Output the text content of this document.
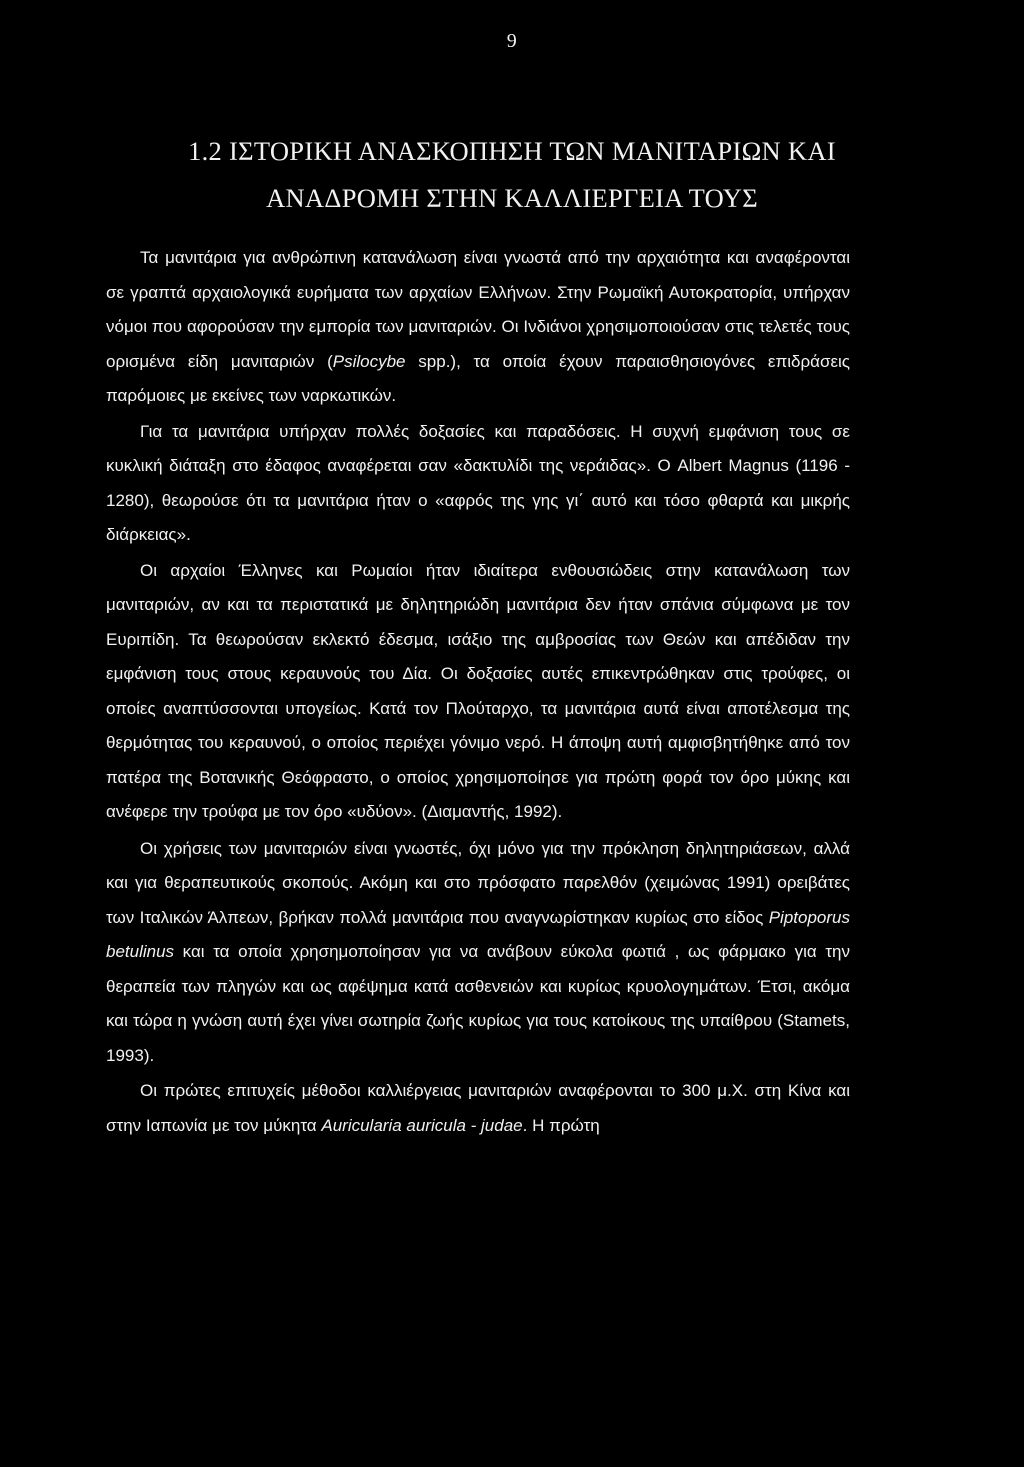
9
1.2 ΙΣΤΟΡΙΚΗ ΑΝΑΣΚΟΠΗΣΗ ΤΩΝ ΜΑΝΙΤΑΡΙΩΝ ΚΑΙ
ΑΝΑΔΡΟΜΗ ΣΤΗΝ ΚΑΛΛΙΕΡΓΕΙΑ ΤΟΥΣ

Τα μανιτάρια για ανθρώπινη κατανάλωση είναι γνωστά από την αρχαιότητα και αναφέρονται σε γραπτά αρχαιολογικά ευρήματα των αρχαίων Ελλήνων. Στην Ρωμαϊκή Αυτοκρατορία, υπήρχαν νόμοι που αφορούσαν την εμπορία των μανιταριών. Οι Ινδιάνοι χρησιμοποιούσαν στις τελετές τους ορισμένα είδη μανιταριών (Psilocybe spp.), τα οποία έχουν παραισθησιογόνες επιδράσεις παρόμοιες με εκείνες των ναρκωτικών.

Για τα μανιτάρια υπήρχαν πολλές δοξασίες και παραδόσεις. Η συχνή εμφάνιση τους σε κυκλική διάταξη στο έδαφος αναφέρεται σαν «δακτυλίδι της νεράιδας». Ο Albert Magnus (1196 - 1280), θεωρούσε ότι τα μανιτάρια ήταν ο «αφρός της γης γι΄ αυτό και τόσο φθαρτά και μικρής διάρκειας».

Οι αρχαίοι Έλληνες και Ρωμαίοι ήταν ιδιαίτερα ενθουσιώδεις στην κατανάλωση των μανιταριών, αν και τα περιστατικά με δηλητηριώδη μανιτάρια δεν ήταν σπάνια σύμφωνα με τον Ευριπίδη. Τα θεωρούσαν εκλεκτό έδεσμα, ισάξιο της αμβροσίας των Θεών και απέδιδαν την εμφάνιση τους στους κεραυνούς του Δία. Οι δοξασίες αυτές επικεντρώθηκαν στις τρούφες, οι οποίες αναπτύσσονται υπογείως. Κατά τον Πλούταρχο, τα μανιτάρια αυτά είναι αποτέλεσμα της θερμότητας του κεραυνού, ο οποίος περιέχει γόνιμο νερό. Η άποψη αυτή αμφισβητήθηκε από τον πατέρα της Βοτανικής Θεόφραστο, ο οποίος χρησιμοποίησε για πρώτη φορά τον όρο μύκης και ανέφερε την τρούφα με τον όρο «υδύον». (Διαμαντής, 1992).

Οι χρήσεις των μανιταριών είναι γνωστές, όχι μόνο για την πρόκληση δηλητηριάσεων, αλλά και για θεραπευτικούς σκοπούς. Ακόμη και στο πρόσφατο παρελθόν (χειμώνας 1991) ορειβάτες των Ιταλικών Άλπεων, βρήκαν πολλά μανιτάρια που αναγνωρίστηκαν κυρίως στο είδος Piptoporus betulinus και τα οποία χρησημοποίησαν για να ανάβουν εύκολα φωτιά , ως φάρμακο για την θεραπεία των πληγών και ως αφέψημα κατά ασθενειών και κυρίως κρυολογημάτων. Έτσι, ακόμα και τώρα η γνώση αυτή έχει γίνει σωτηρία ζωής κυρίως για τους κατοίκους της υπαίθρου (Stamets, 1993).

Οι πρώτες επιτυχείς μέθοδοι καλλιέργειας μανιταριών αναφέρονται το 300 μ.Χ. στη Κίνα και στην Ιαπωνία με τον μύκητα Auricularia auricula - judae. Η πρώτη
